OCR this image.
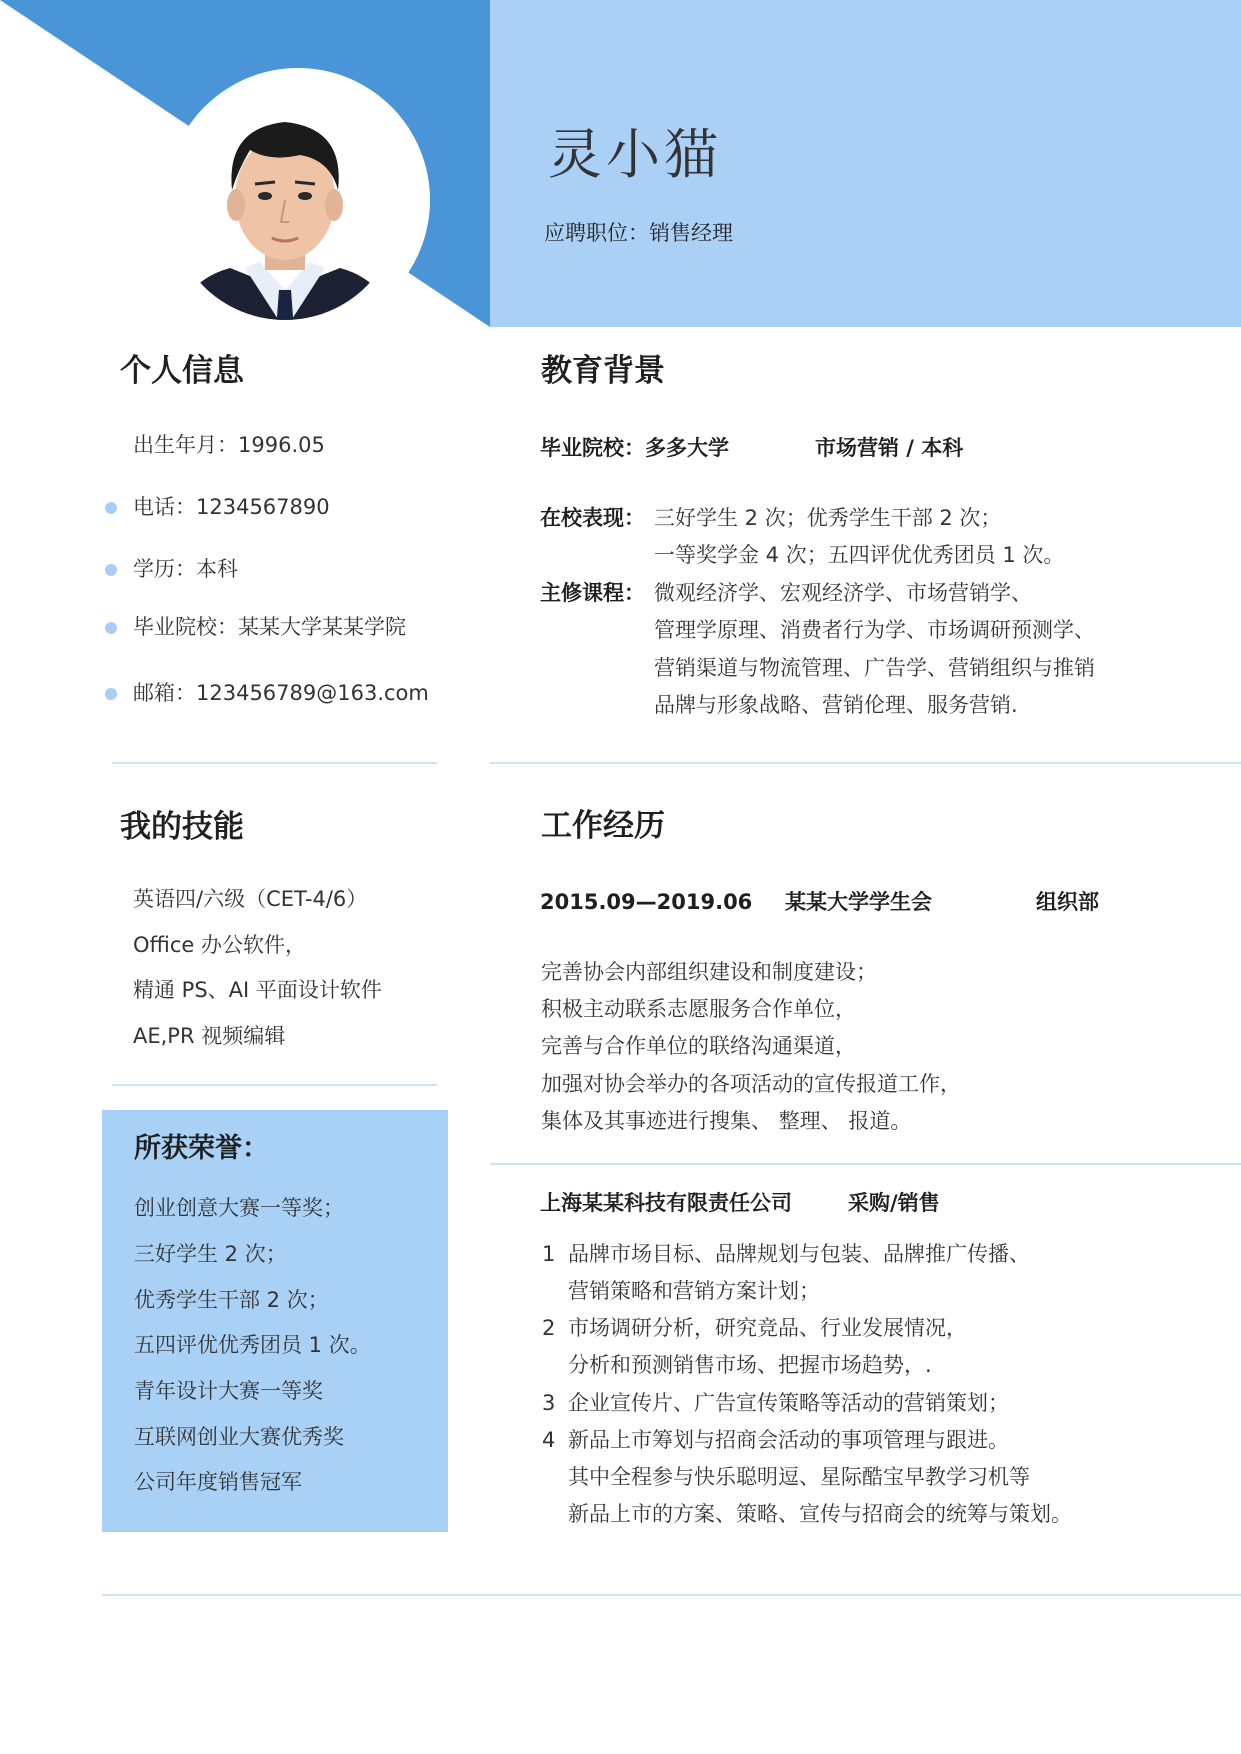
灵小猫
应聘职位：销售经理
个人信息
出生年月：1996.05
电话：1234567890
学历：本科
毕业院校：某某大学某某学院
邮箱：123456789@163.com
教育背景
毕业院校：多多大学	市场营销 / 本科
在校表现： 三好学生 2 次；优秀学生干部 2 次；
一等奖学金 4 次；五四评优优秀团员 1 次。
主修课程： 微观经济学、宏观经济学、市场营销学、
管理学原理、消费者行为学、市场调研预测学、
营销渠道与物流管理、广告学、营销组织与推销
品牌与形象战略、营销伦理、服务营销.
我的技能
英语四/六级（CET-4/6）
Office 办公软件，
精通 PS、AI 平面设计软件
AE,PR 视频编辑
所获荣誉：
创业创意大赛一等奖；
三好学生 2 次；
优秀学生干部 2 次；
五四评优优秀团员 1 次。
青年设计大赛一等奖
互联网创业大赛优秀奖
公司年度销售冠军
工作经历
2015.09—2019.06 某某大学学生会	组织部
完善协会内部组织建设和制度建设；
积极主动联系志愿服务合作单位，
完善与合作单位的联络沟通渠道，
加强对协会举办的各项活动的宣传报道工作，
集体及其事迹进行搜集、 整理、 报道。
上海某某科技有限责任公司	采购/销售
1 品牌市场目标、品牌规划与包装、品牌推广传播、
营销策略和营销方案计划；
2 市场调研分析，研究竞品、行业发展情况，
分析和预测销售市场、把握市场趋势，.
3 企业宣传片、广告宣传策略等活动的营销策划；
4 新品上市筹划与招商会活动的事项管理与跟进。
其中全程参与快乐聪明逗、星际酷宝早教学习机等
新品上市的方案、策略、宣传与招商会的统筹与策划。
